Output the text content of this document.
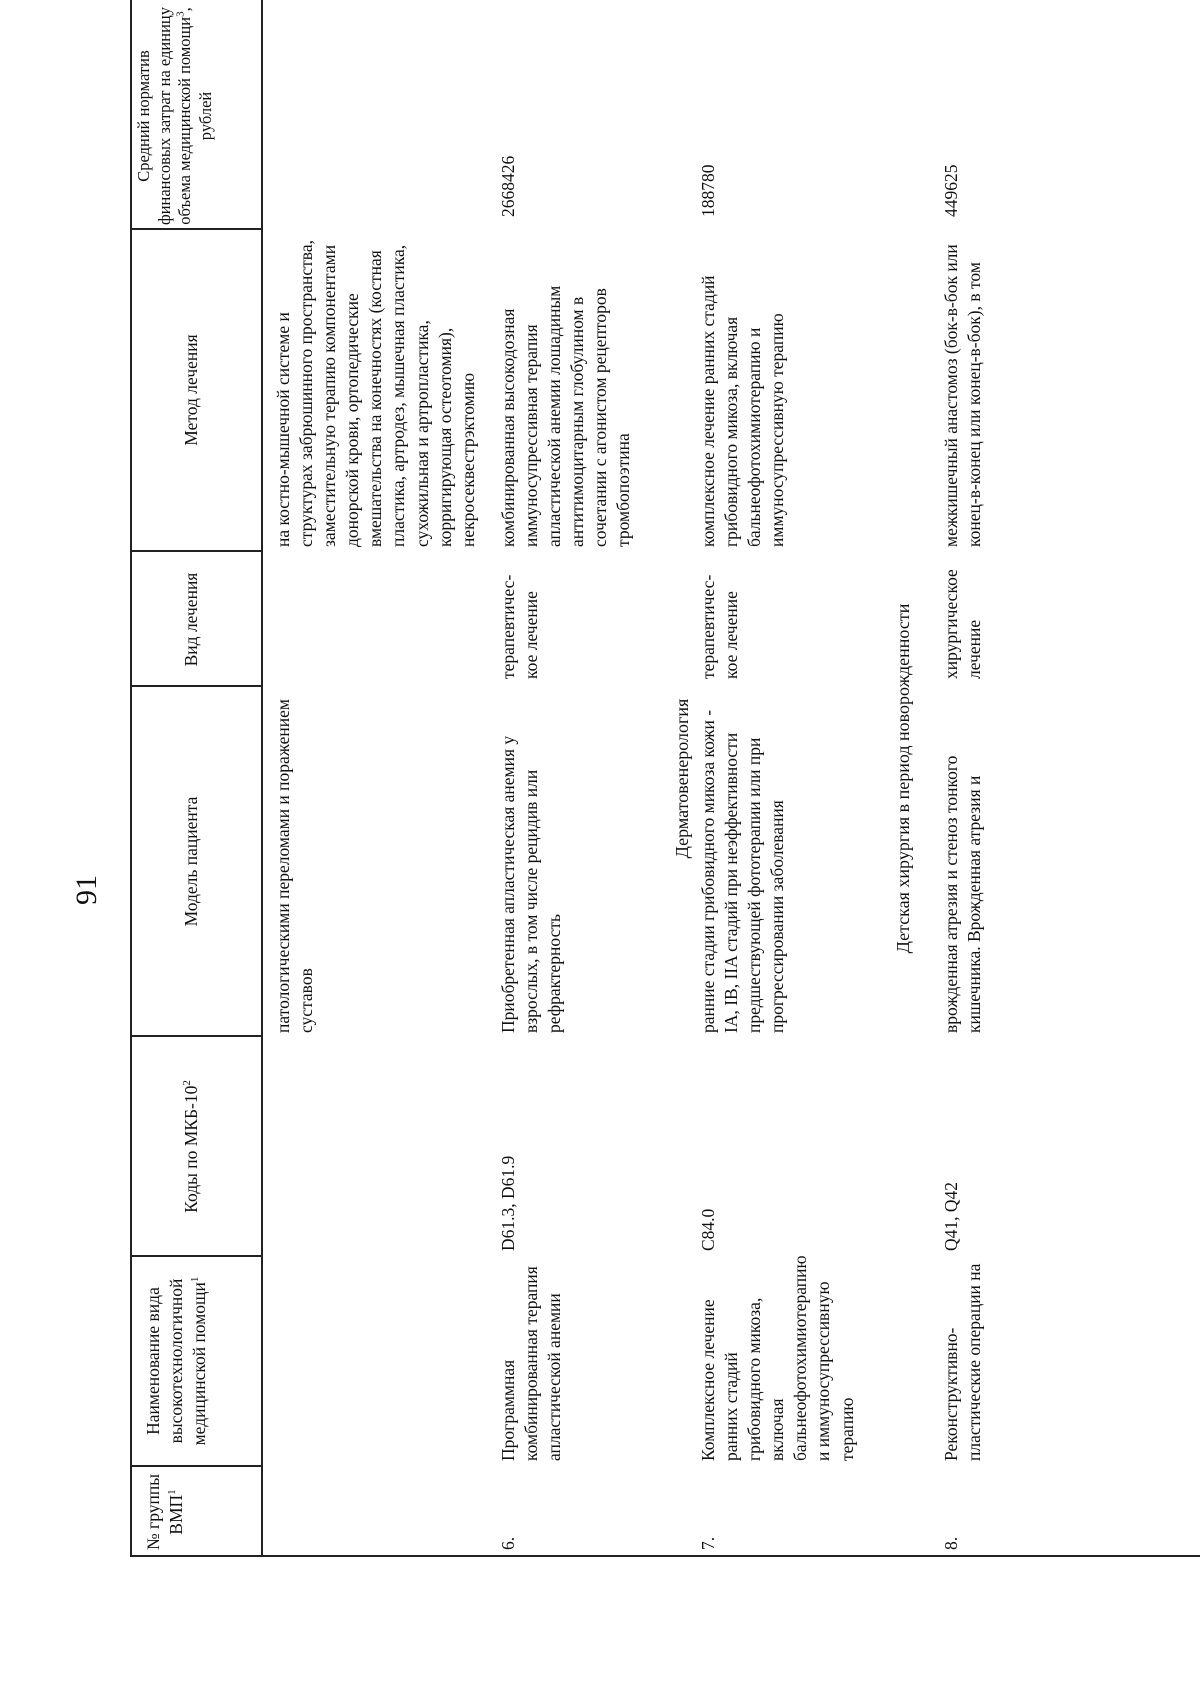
91
№ группы ВМП$^1$
Наименование вида высокотехнологичной медицинской помощи$^1$
Коды по МКБ-$10^2$
Модель пациента
Вид лечения
Метод лечения
Средний норматив финансовых затрат на единицу объема медицинской помощи$^3$, рублей
патологическими переломами и поражением суставов
на костно-мышечной системе и структурах забрюшинного пространства, заместительную терапию компонентами донорской крови, ортопедические вмешательства на конечностях (костная пластика, артродез, мышечная пластика, сухожильная и артропластика, корригирующая остеотомия), некросеквестрэктомию
6.
Программная комбинированная терапия апластической анемии
D61.3, D61.9
Приобретенная апластическая анемия у взрослых, в том числе рецидив или рефрактерность
терапевтичес-кое лечение
комбинированная высокодозная иммуносупрессивная терапия апластической анемии лошадиным антитимоцитарным глобулином в сочетании с агонистом рецепторов тромбопоэтина
2668426
Дерматовенерология
7.
Комплексное лечение ранних стадий грибовидного микоза, включая бальнеофотохимиотерапию и иммуносупрессивную терапию
C84.0
ранние стадии грибовидного микоза кожи - IA, IB, IIA стадий при неэффективности предшествующей фототерапии или при прогрессировании заболевания
терапевтичес-кое лечение
комплексное лечение ранних стадий грибовидного микоза, включая бальнеофотохимиотерапию и иммуносупрессивную терапию
188780
Детская хирургия в период новорожденности
8.
Реконструктивно-пластические операции на
Q41, Q42
врожденная атрезия и стеноз тонкого кишечника. Врожденная атрезия и
хирургическое лечение
межкишечный анастомоз (бок-в-бок или конец-в-конец или конец-в-бок), в том
449625
